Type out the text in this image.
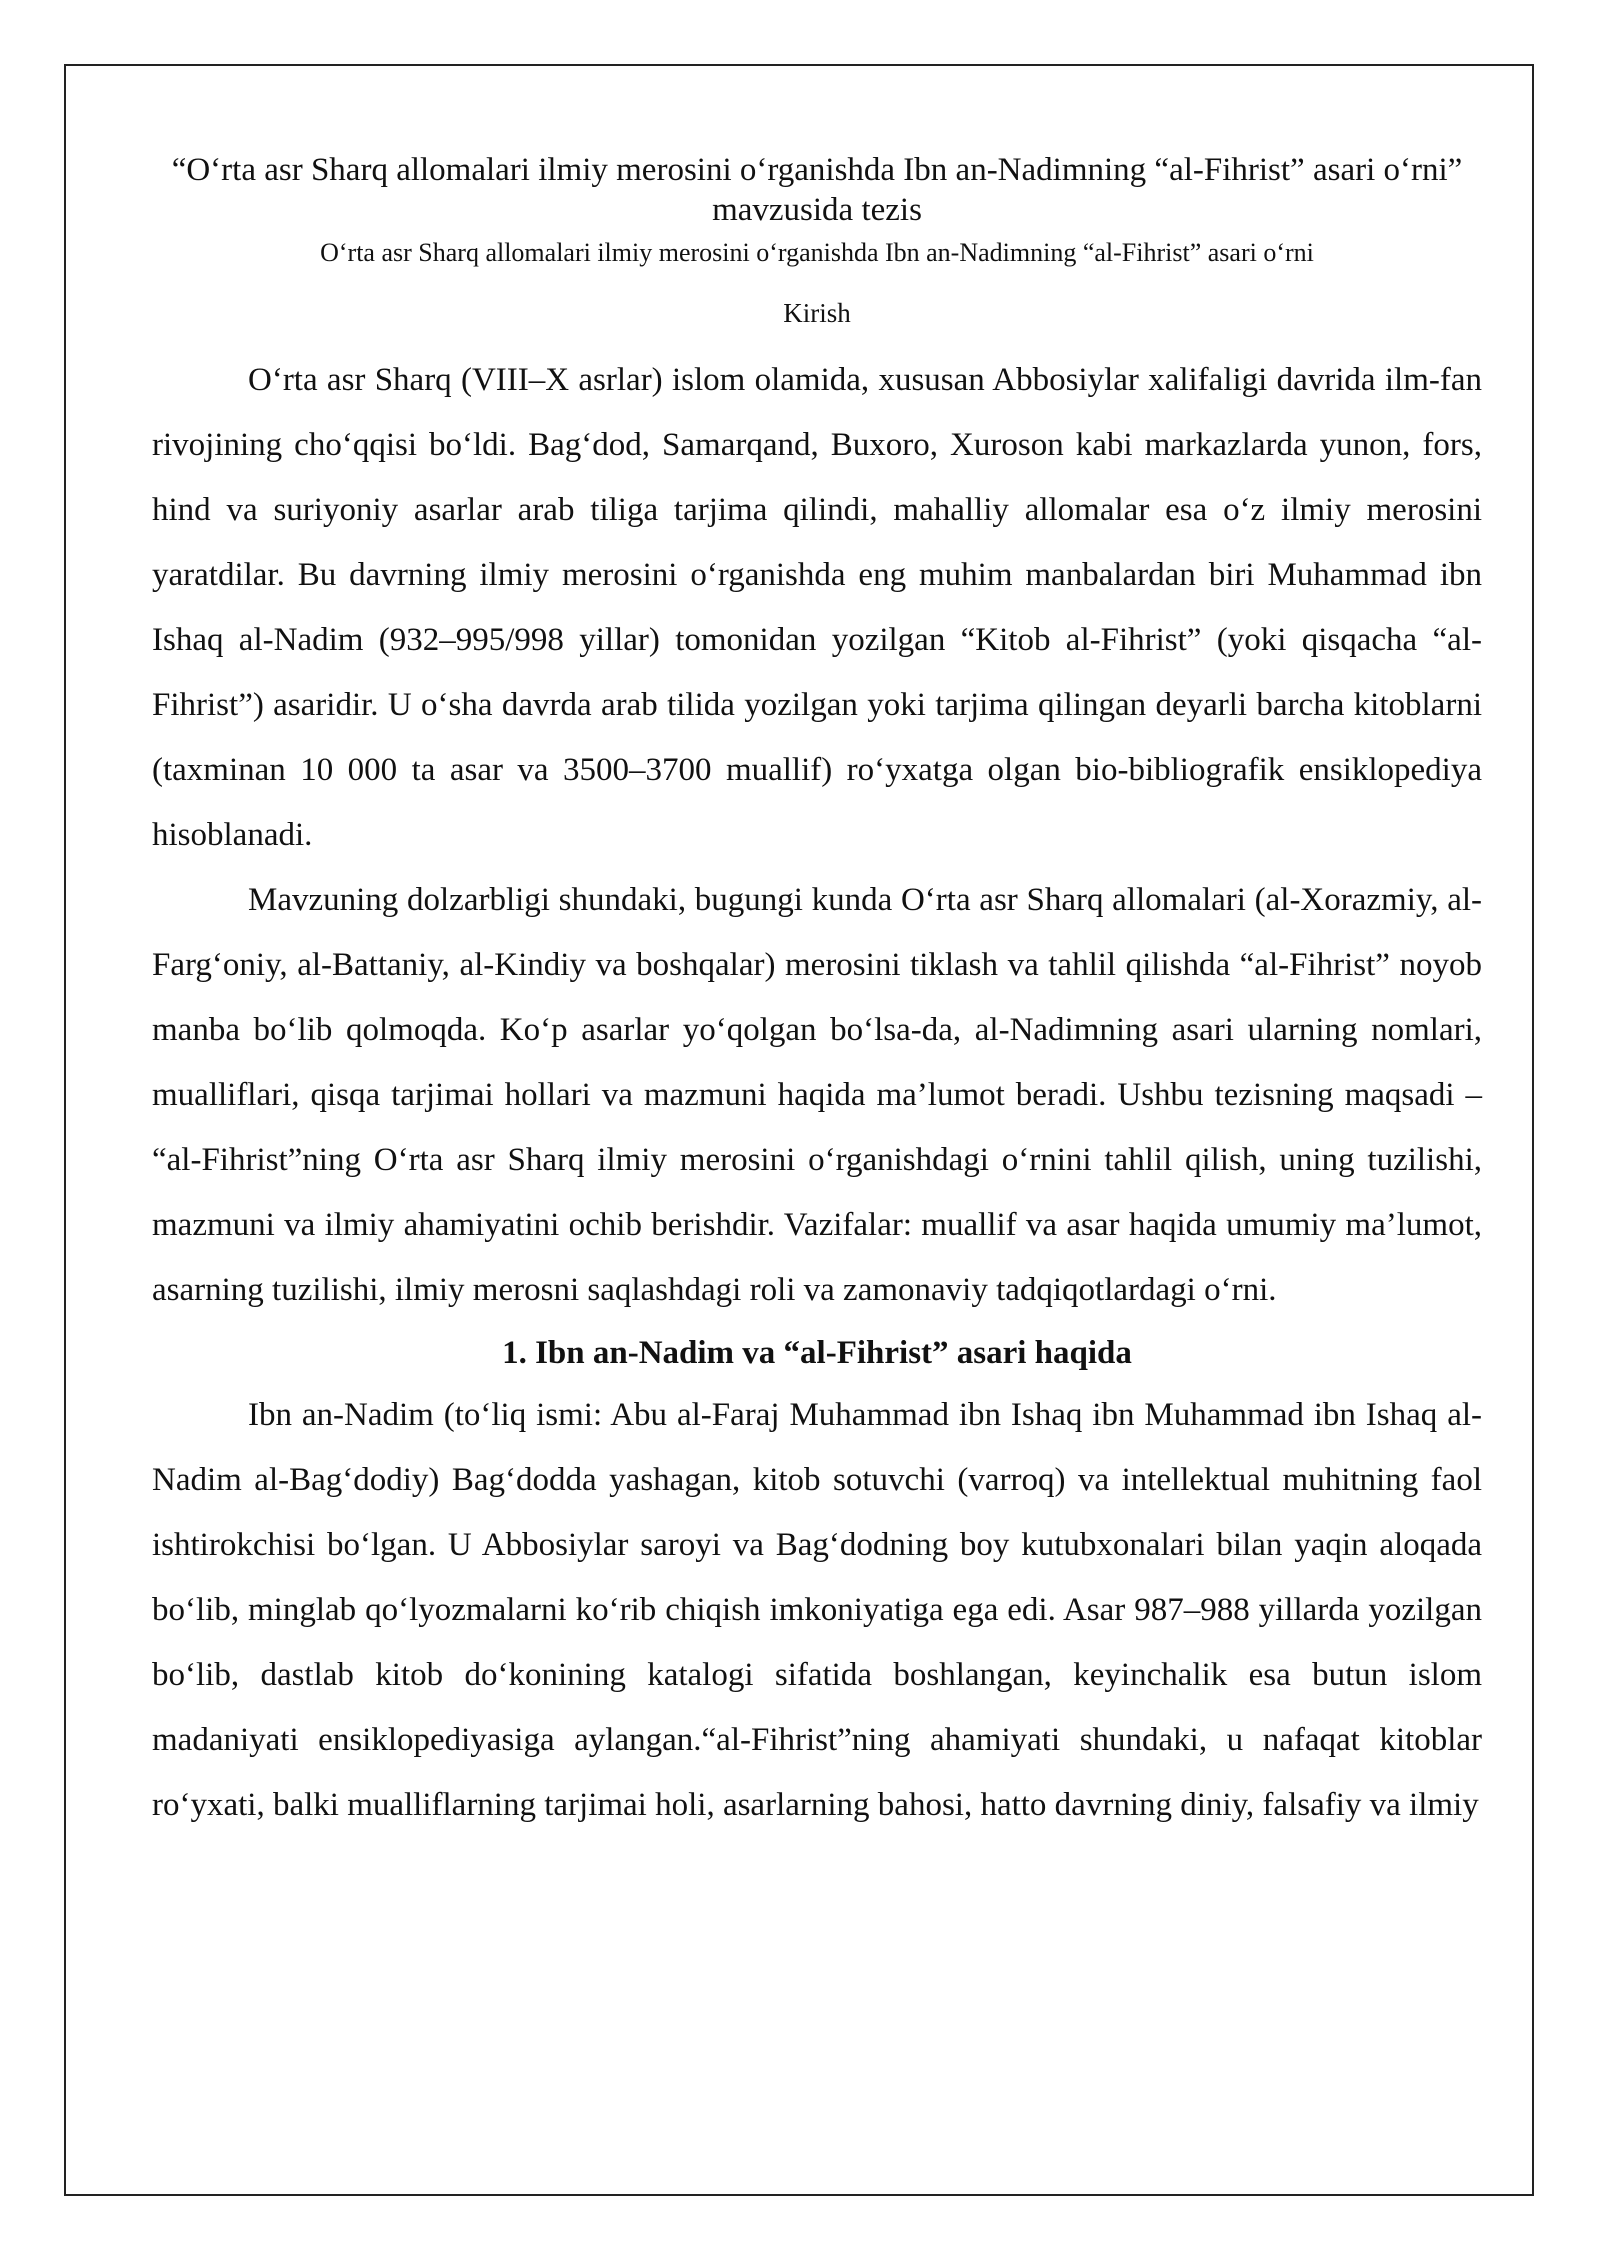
“O‘rta asr Sharq allomalari ilmiy merosini o‘rganishda Ibn an-Nadimning “al-Fihrist” asari o‘rni” mavzusida tezis
O‘rta asr Sharq allomalari ilmiy merosini o‘rganishda Ibn an-Nadimning “al-Fihrist” asari o‘rni
Kirish

O‘rta asr Sharq (VIII–X asrlar) islom olamida, xususan Abbosiylar xalifaligi davrida ilm-fan rivojining cho‘qqisi bo‘ldi. Bag‘dod, Samarqand, Buxoro, Xuroson kabi markazlarda yunon, fors, hind va suriyoniy asarlar arab tiliga tarjima qilindi, mahalliy allomalar esa o‘z ilmiy merosini yaratdilar. Bu davrning ilmiy merosini o‘rganishda eng muhim manbalardan biri Muhammad ibn Ishaq al-Nadim (932–995/998 yillar) tomonidan yozilgan “Kitob al-Fihrist” (yoki qisqacha “al-Fihrist”) asaridir. U o‘sha davrda arab tilida yozilgan yoki tarjima qilingan deyarli barcha kitoblarni (taxminan 10 000 ta asar va 3500–3700 muallif) ro‘yxatga olgan bio-bibliografik ensiklopediya hisoblanadi.

Mavzuning dolzarbligi shundaki, bugungi kunda O‘rta asr Sharq allomalari (al-Xorazmiy, al-Farg‘oniy, al-Battaniy, al-Kindiy va boshqalar) merosini tiklash va tahlil qilishda “al-Fihrist” noyob manba bo‘lib qolmoqda. Ko‘p asarlar yo‘qolgan bo‘lsa-da, al-Nadimning asari ularning nomlari, mualliflari, qisqa tarjimai hollari va mazmuni haqida ma’lumot beradi. Ushbu tezisning maqsadi – “al-Fihrist”ning O‘rta asr Sharq ilmiy merosini o‘rganishdagi o‘rnini tahlil qilish, uning tuzilishi, mazmuni va ilmiy ahamiyatini ochib berishdir. Vazifalar: muallif va asar haqida umumiy ma’lumot, asarning tuzilishi, ilmiy merosni saqlashdagi roli va zamonaviy tadqiqotlardagi o‘rni.

1. Ibn an-Nadim va “al-Fihrist” asari haqida

Ibn an-Nadim (to‘liq ismi: Abu al-Faraj Muhammad ibn Ishaq ibn Muhammad ibn Ishaq al-Nadim al-Bag‘dodiy) Bag‘dodda yashagan, kitob sotuvchi (varroq) va intellektual muhitning faol ishtirokchisi bo‘lgan. U Abbosiylar saroyi va Bag‘dodning boy kutubxonalari bilan yaqin aloqada bo‘lib, minglab qo‘lyozmalarni ko‘rib chiqish imkoniyatiga ega edi. Asar 987–988 yillarda yozilgan bo‘lib, dastlab kitob do‘konining katalogi sifatida boshlangan, keyinchalik esa butun islom madaniyati ensiklopediyasiga aylangan.“al-Fihrist”ning ahamiyati shundaki, u nafaqat kitoblar ro‘yxati, balki mualliflarning tarjimai holi, asarlarning bahosi, hatto davrning diniy, falsafiy va ilmiy
